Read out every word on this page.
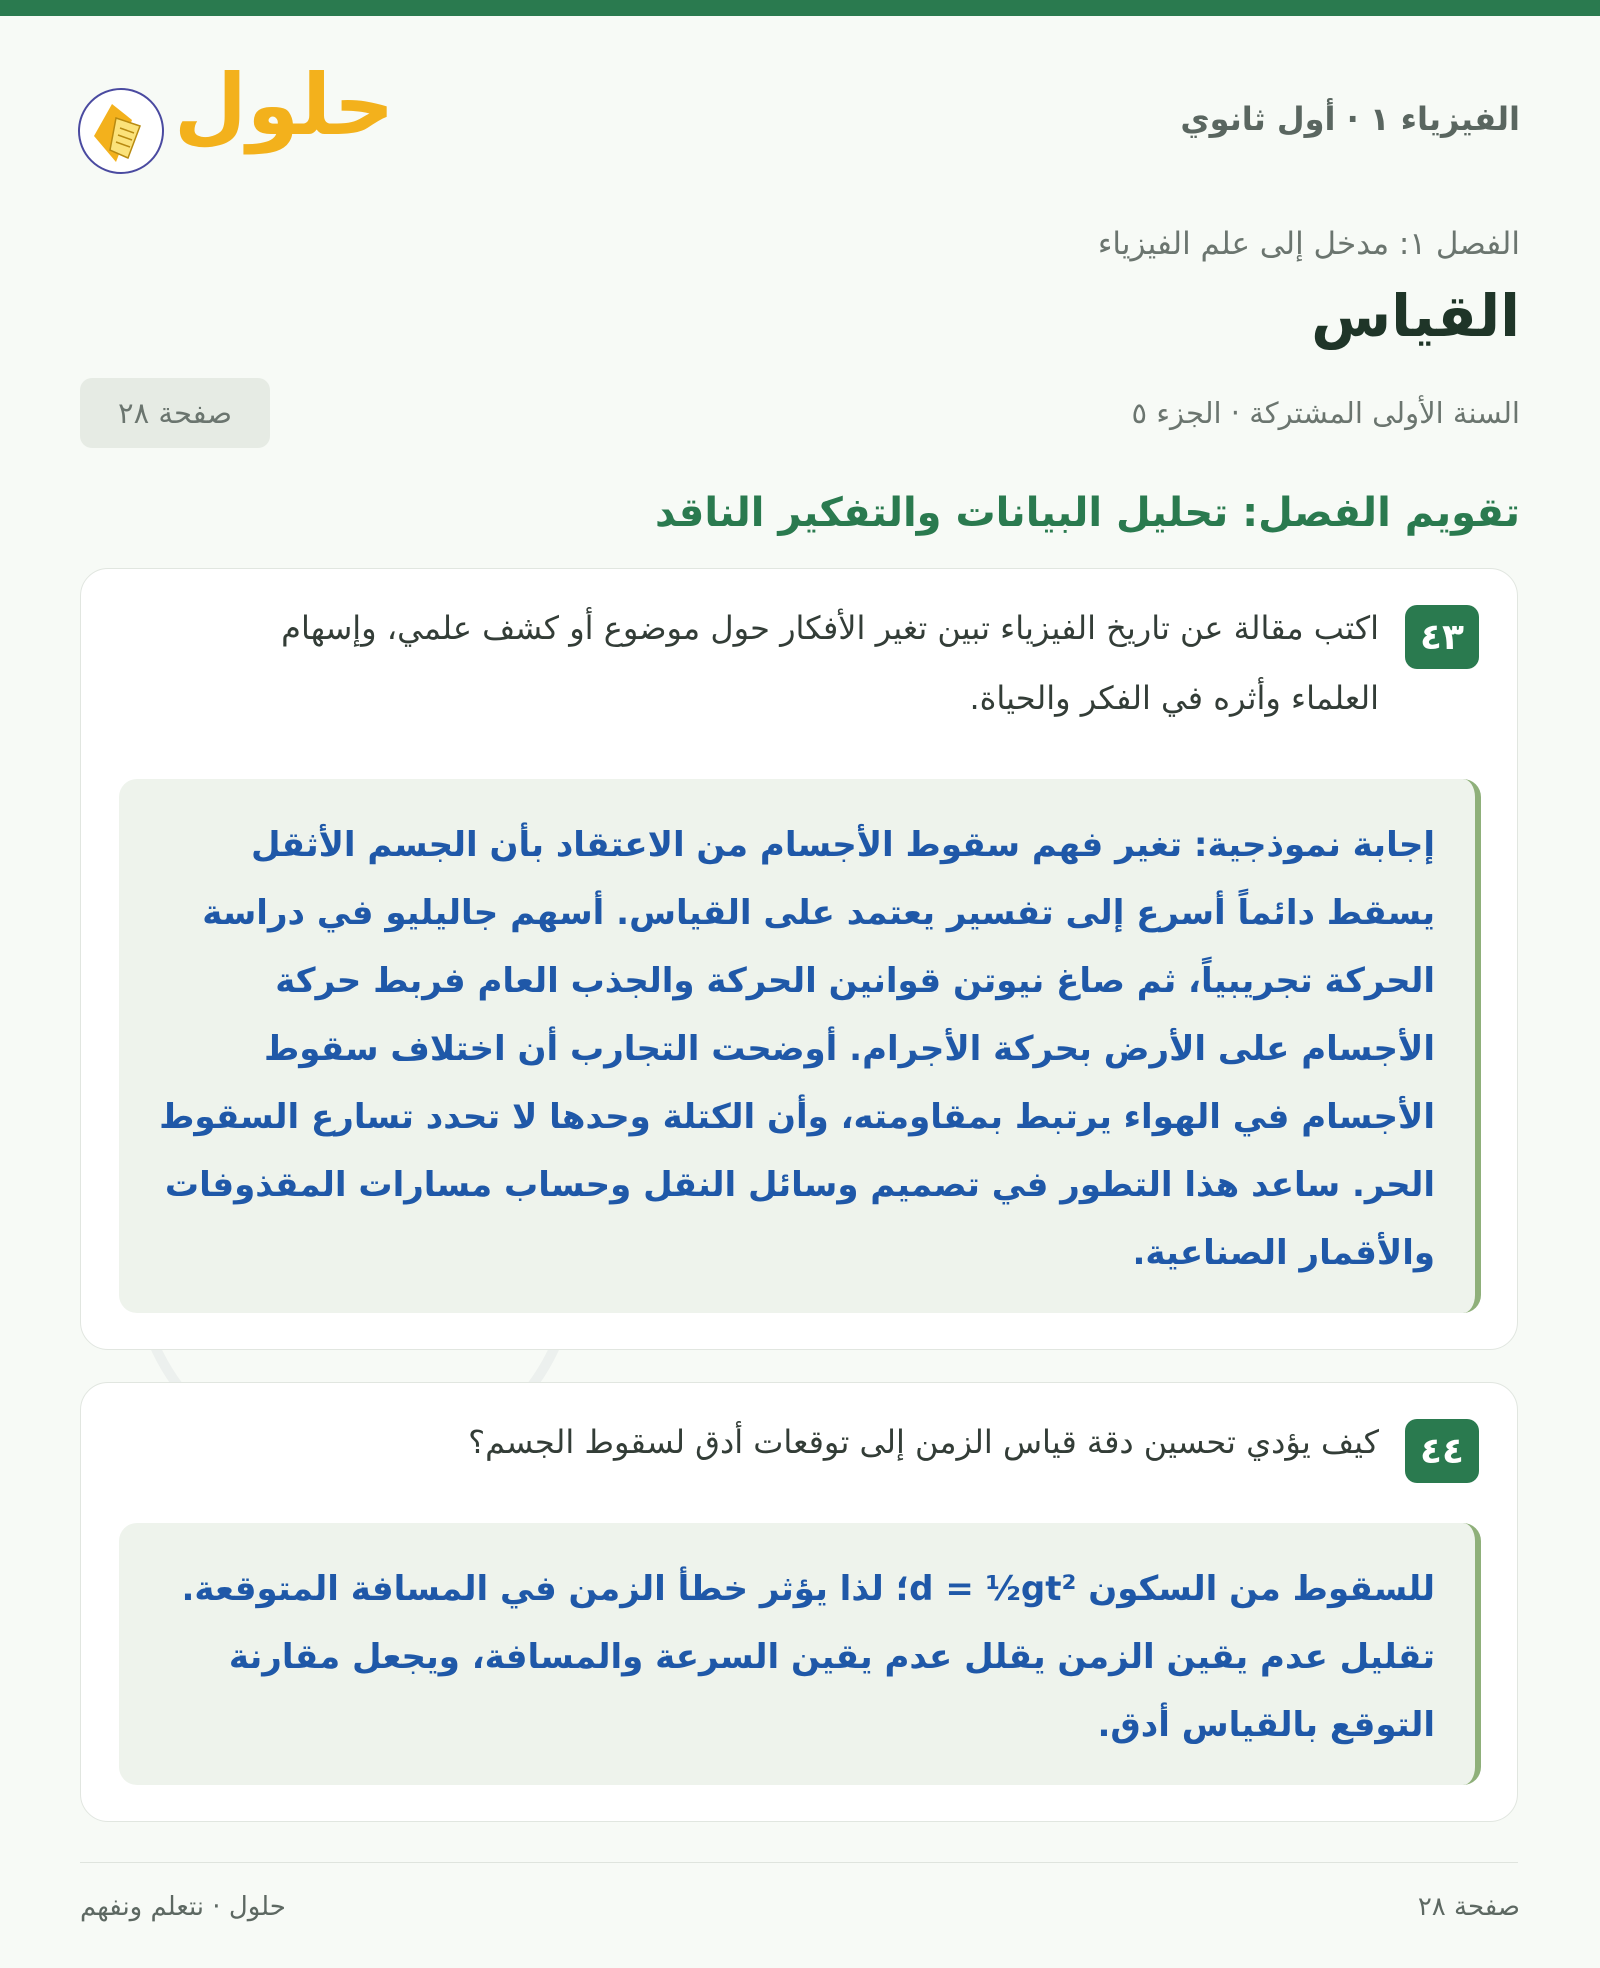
حلول	الفيزياء ١ · أول ثانوي
الفصل ١: مدخل إلى علم الفيزياء
القياس
السنة الأولى المشتركة · الجزء ٥
صفحة ٢٨
تقويم الفصل: تحليل البيانات والتفكير الناقد
٤٣
اكتب مقالة عن تاريخ الفيزياء تبين تغير الأفكار حول موضوع أو كشف علمي، وإسهام العلماء وأثره في الفكر والحياة.
إجابة نموذجية: تغير فهم سقوط الأجسام من الاعتقاد بأن الجسم الأثقل يسقط دائماً أسرع إلى تفسير يعتمد على القياس. أسهم جاليليو في دراسة الحركة تجريبياً، ثم صاغ نيوتن قوانين الحركة والجذب العام فربط حركة الأجسام على الأرض بحركة الأجرام. أوضحت التجارب أن اختلاف سقوط الأجسام في الهواء يرتبط بمقاومته، وأن الكتلة وحدها لا تحدد تسارع السقوط الحر. ساعد هذا التطور في تصميم وسائل النقل وحساب مسارات المقذوفات والأقمار الصناعية.
٤٤
كيف يؤدي تحسين دقة قياس الزمن إلى توقعات أدق لسقوط الجسم؟
للسقوط من السكون d = ½gt²؛ لذا يؤثر خطأ الزمن في المسافة المتوقعة. تقليل عدم يقين الزمن يقلل عدم يقين السرعة والمسافة، ويجعل مقارنة التوقع بالقياس أدق.
صفحة ٢٨
حلول · نتعلم ونفهم
